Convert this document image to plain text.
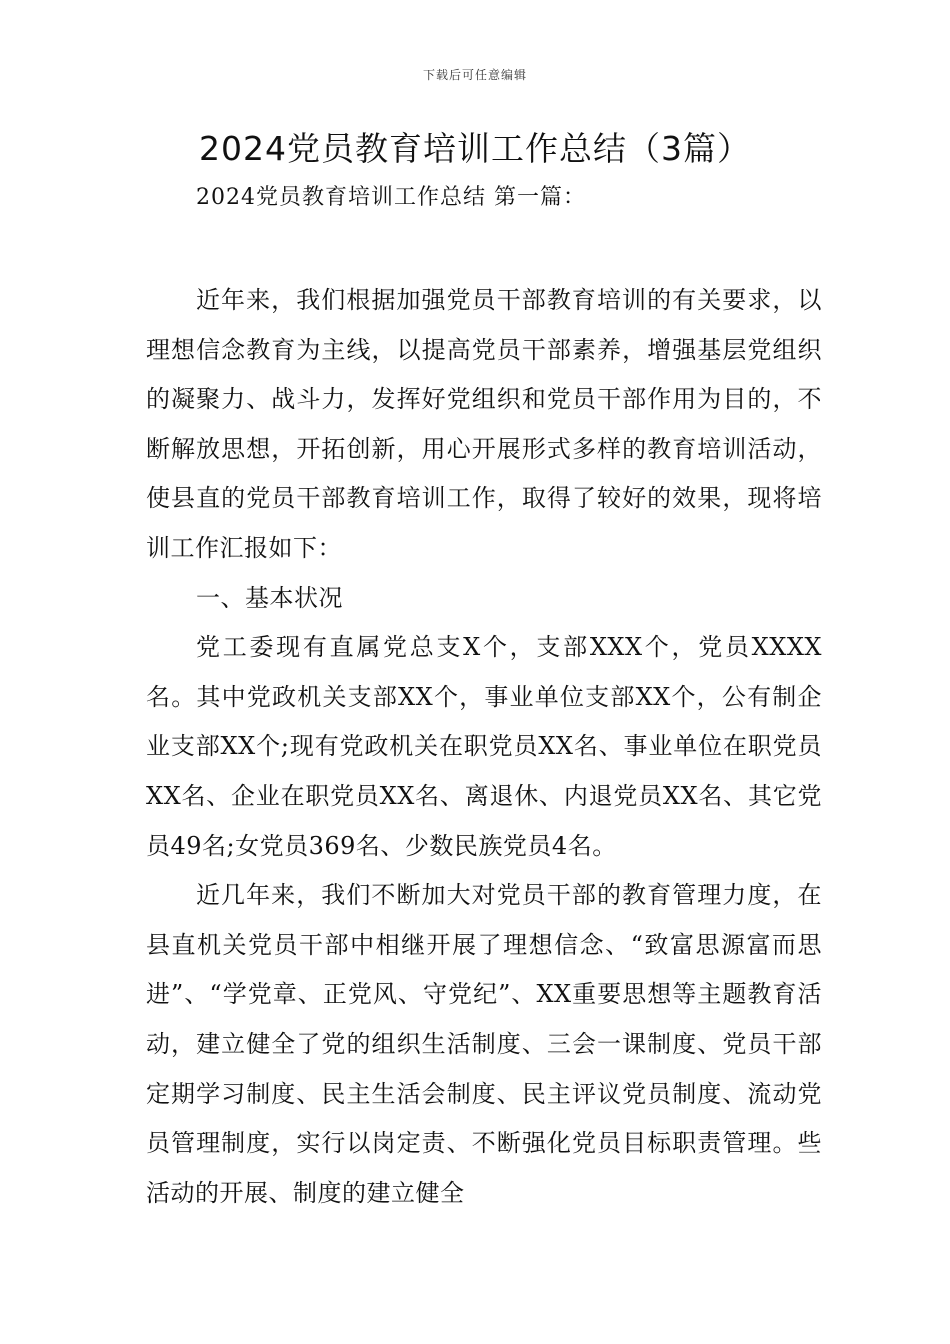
下载后可任意编辑
2024党员教育培训工作总结（3篇）
2024党员教育培训工作总结 第一篇：

近年来，我们根据加强党员干部教育培训的有关要求，以理想信念教育为主线，以提高党员干部素养，增强基层党组织的凝聚力、战斗力，发挥好党组织和党员干部作用为目的，不断解放思想，开拓创新，用心开展形式多样的教育培训活动，使县直的党员干部教育培训工作，取得了较好的效果，现将培训工作汇报如下：

一、基本状况

党工委现有直属党总支X个，支部XXX个，党员XXXX名。其中党政机关支部XX个，事业单位支部XX个，公有制企业支部XX个;现有党政机关在职党员XX名、事业单位在职党员XX名、企业在职党员XX名、离退休、内退党员XX名、其它党员49名;女党员369名、少数民族党员4名。

近几年来，我们不断加大对党员干部的教育管理力度，在县直机关党员干部中相继开展了理想信念、“致富思源富而思进”、“学党章、正党风、守党纪”、XX重要思想等主题教育活动，建立健全了党的组织生活制度、三会一课制度、党员干部定期学习制度、民主生活会制度、民主评议党员制度、流动党员管理制度，实行以岗定责、不断强化党员目标职责管理。些活动的开展、制度的建立健全
